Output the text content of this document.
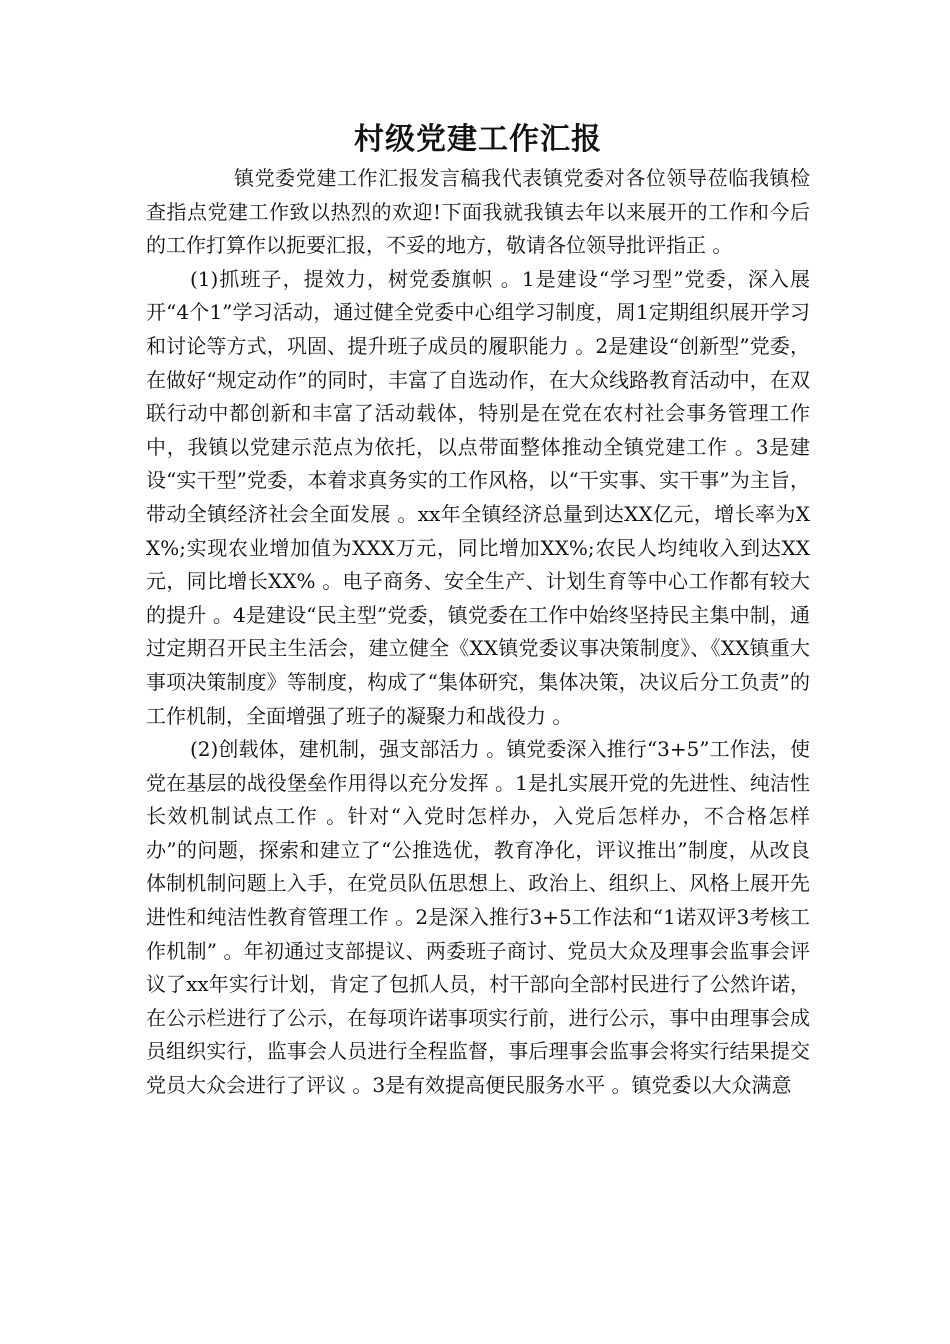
村级党建工作汇报

镇党委党建工作汇报发言稿我代表镇党委对各位领导莅临我镇检查指点党建工作致以热烈的欢迎!下面我就我镇去年以来展开的工作和今后的工作打算作以扼要汇报，不妥的地方，敬请各位领导批评指正 。

(1)抓班子，提效力，树党委旗帜 。1是建设“学习型”党委，深入展开“4个1”学习活动，通过健全党委中心组学习制度，周1定期组织展开学习和讨论等方式，巩固、提升班子成员的履职能力 。2是建设“创新型”党委，在做好“规定动作”的同时，丰富了自选动作，在大众线路教育活动中，在双联行动中都创新和丰富了活动载体，特别是在党在农村社会事务管理工作中，我镇以党建示范点为依托，以点带面整体推动全镇党建工作 。3是建设“实干型”党委，本着求真务实的工作风格，以“干实事、实干事”为主旨，带动全镇经济社会全面发展 。xx年全镇经济总量到达XX亿元，增长率为XX%;实现农业增加值为XXX万元，同比增加XX%;农民人均纯收入到达XX元，同比增长XX% 。电子商务、安全生产、计划生育等中心工作都有较大的提升 。4是建设“民主型”党委，镇党委在工作中始终坚持民主集中制，通过定期召开民主生活会，建立健全《XX镇党委议事决策制度》、《XX镇重大事项决策制度》等制度，构成了“集体研究，集体决策，决议后分工负责”的工作机制，全面增强了班子的凝聚力和战役力 。

(2)创载体，建机制，强支部活力 。镇党委深入推行“3+5”工作法，使党在基层的战役堡垒作用得以充分发挥 。1是扎实展开党的先进性、纯洁性长效机制试点工作 。针对“入党时怎样办，入党后怎样办，不合格怎样办”的问题，探索和建立了“公推选优，教育净化，评议推出”制度，从改良体制机制问题上入手，在党员队伍思想上、政治上、组织上、风格上展开先进性和纯洁性教育管理工作 。2是深入推行3+5工作法和“1诺双评3考核工作机制” 。年初通过支部提议、两委班子商讨、党员大众及理事会监事会评议了xx年实行计划，肯定了包抓人员，村干部向全部村民进行了公然许诺，在公示栏进行了公示，在每项许诺事项实行前，进行公示，事中由理事会成员组织实行，监事会人员进行全程监督，事后理事会监事会将实行结果提交党员大众会进行了评议 。3是有效提高便民服务水平 。镇党委以大众满意
